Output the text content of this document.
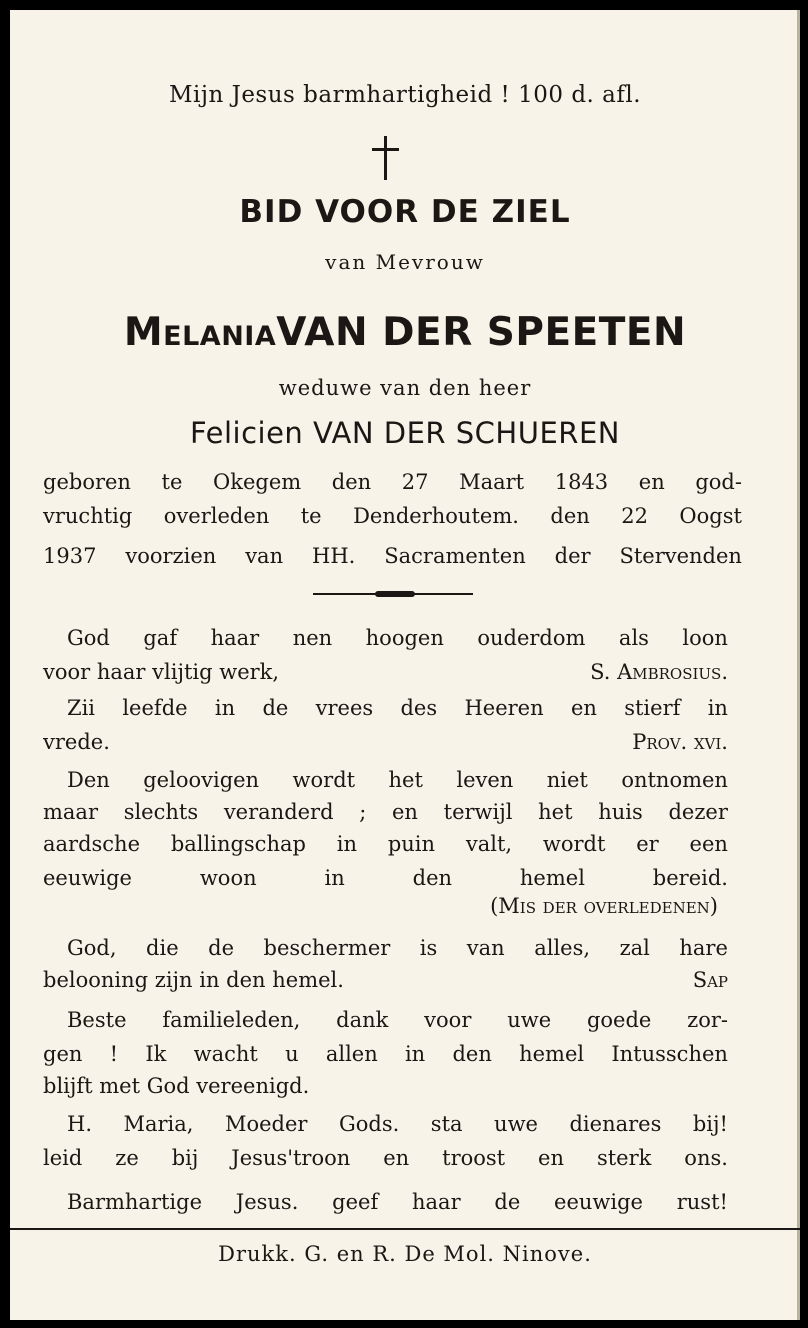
Mijn Jesus barmhartigheid ! 100 d. afl.
BID VOOR DE ZIEL
van Mevrouw
MelaniaVAN DER SPEETEN
weduwe van den heer
Felicien VAN DER SCHUEREN
geboren te Okegem den 27 Maart 1843 en god-
vruchtig overleden te Denderhoutem. den 22 Oogst
1937 voorzien van HH. Sacramenten der Stervenden
God gaf haar nen hoogen ouderdom als loon
voor haar vlijtig werk,	S. Ambrosius.
Zii leefde in de vrees des Heeren en stierf in
vrede.	Prov. xvi.
Den geloovigen wordt het leven niet ontnomen
maar slechts veranderd ; en terwijl het huis dezer
aardsche ballingschap in puin valt, wordt er een
eeuwige	woon	in	den	hemel	bereid.
(Mis der overledenen)
God, die de beschermer is van alles, zal hare
belooning zijn in den hemel.	Sap
Beste familieleden, dank voor uwe goede zor-
gen ! Ik wacht u allen in den hemel Intusschen
blijft met God vereenigd.
H. Maria, Moeder Gods. sta uwe dienares bij!
leid ze bij Jesus'troon en troost en sterk ons.
Barmhartige Jesus. geef haar de eeuwige rust!
Drukk. G. en R. De Mol. Ninove.
